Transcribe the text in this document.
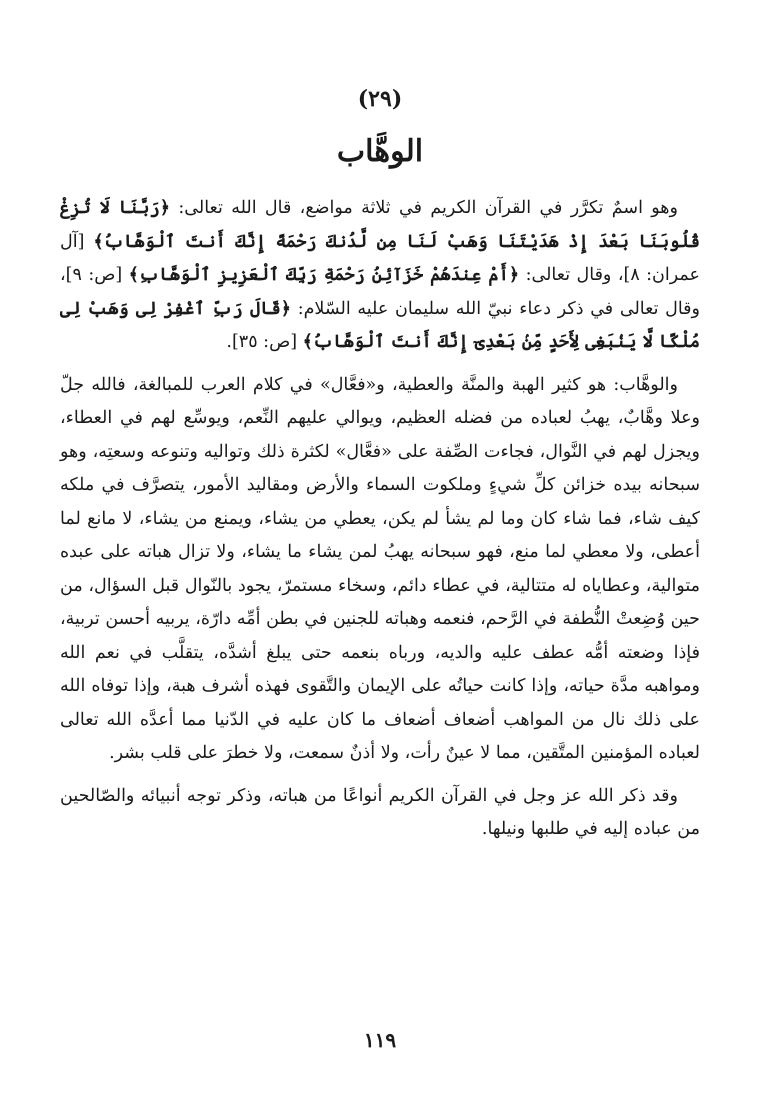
(٢٩)
الوهَّاب

وهو اسمٌ تكرَّر في القرآن الكريم في ثلاثة مواضع، قال الله تعالى: ﴿رَبَّنَا لَا تُزِغْ قُلُوبَنَا بَعْدَ إِذْ هَدَيْتَنَا وَهَبْ لَنَا مِن لَّدُنكَ رَحْمَةً إِنَّكَ أَنتَ ٱلْوَهَّابُ﴾ [آل عمران: ٨]، وقال تعالى: ﴿أَمْ عِندَهُمْ خَزَآئِنُ رَحْمَةِ رَبِّكَ ٱلْعَزِيزِ ٱلْوَهَّابِ﴾ [ص: ٩]، وقال تعالى في ذكر دعاء نبيّ الله سليمان عليه السّلام: ﴿قَالَ رَبِّ ٱغْفِرْ لِى وَهَبْ لِى مُلْكًا لَّا يَنۢبَغِى لِأَحَدٍ مِّنۢ بَعْدِىٓ إِنَّكَ أَنتَ ٱلْوَهَّابُ﴾ [ص: ٣٥].

والوهَّاب: هو كثير الهبة والمنَّة والعطية، و«فعَّال» في كلام العرب للمبالغة، فالله جلّ وعلا وهَّابٌ، يهبُ لعباده من فضله العظيم، ويوالي عليهم النِّعم، ويوسِّع لهم في العطاء، ويجزل لهم في النَّوال، فجاءت الصِّفة على «فعَّال» لكثرة ذلك وتواليه وتنوعه وسعتِه، وهو سبحانه بيده خزائن كلِّ شيءٍ وملكوت السماء والأرض ومقاليد الأمور، يتصرَّف في ملكه كيف شاء، فما شاء كان وما لم يشأ لم يكن، يعطي من يشاء، ويمنع من يشاء، لا مانع لما أعطى، ولا معطي لما منع، فهو سبحانه يهبُ لمن يشاء ما يشاء، ولا تزال هباته على عبده متوالية، وعطاياه له متتالية، في عطاء دائم، وسخاء مستمرّ، يجود بالنّوال قبل السؤال، من حين وُضِعتْ النُّطفة في الرَّحم، فنعمه وهباته للجنين في بطن أمِّه دارّة، يربيه أحسن تربية، فإذا وضعته أمُّه عطف عليه والديه، ورباه بنعمه حتى يبلغ أشدَّه، يتقلَّب في نعم الله ومواهبه مدَّة حياته، وإذا كانت حياتُه على الإيمان والتَّقوى فهذه أشرف هبة، وإذا توفاه الله على ذلك نال من المواهب أضعاف أضعاف ما كان عليه في الدّنيا مما أعدَّه الله تعالى لعباده المؤمنين المتَّقين، مما لا عينٌ رأت، ولا أذنٌ سمعت، ولا خطرَ على قلب بشر.

وقد ذكر الله عز وجل في القرآن الكريم أنواعًا من هباته، وذكر توجه أنبيائه والصّالحين من عباده إليه في طلبها ونيلها.

١١٩
